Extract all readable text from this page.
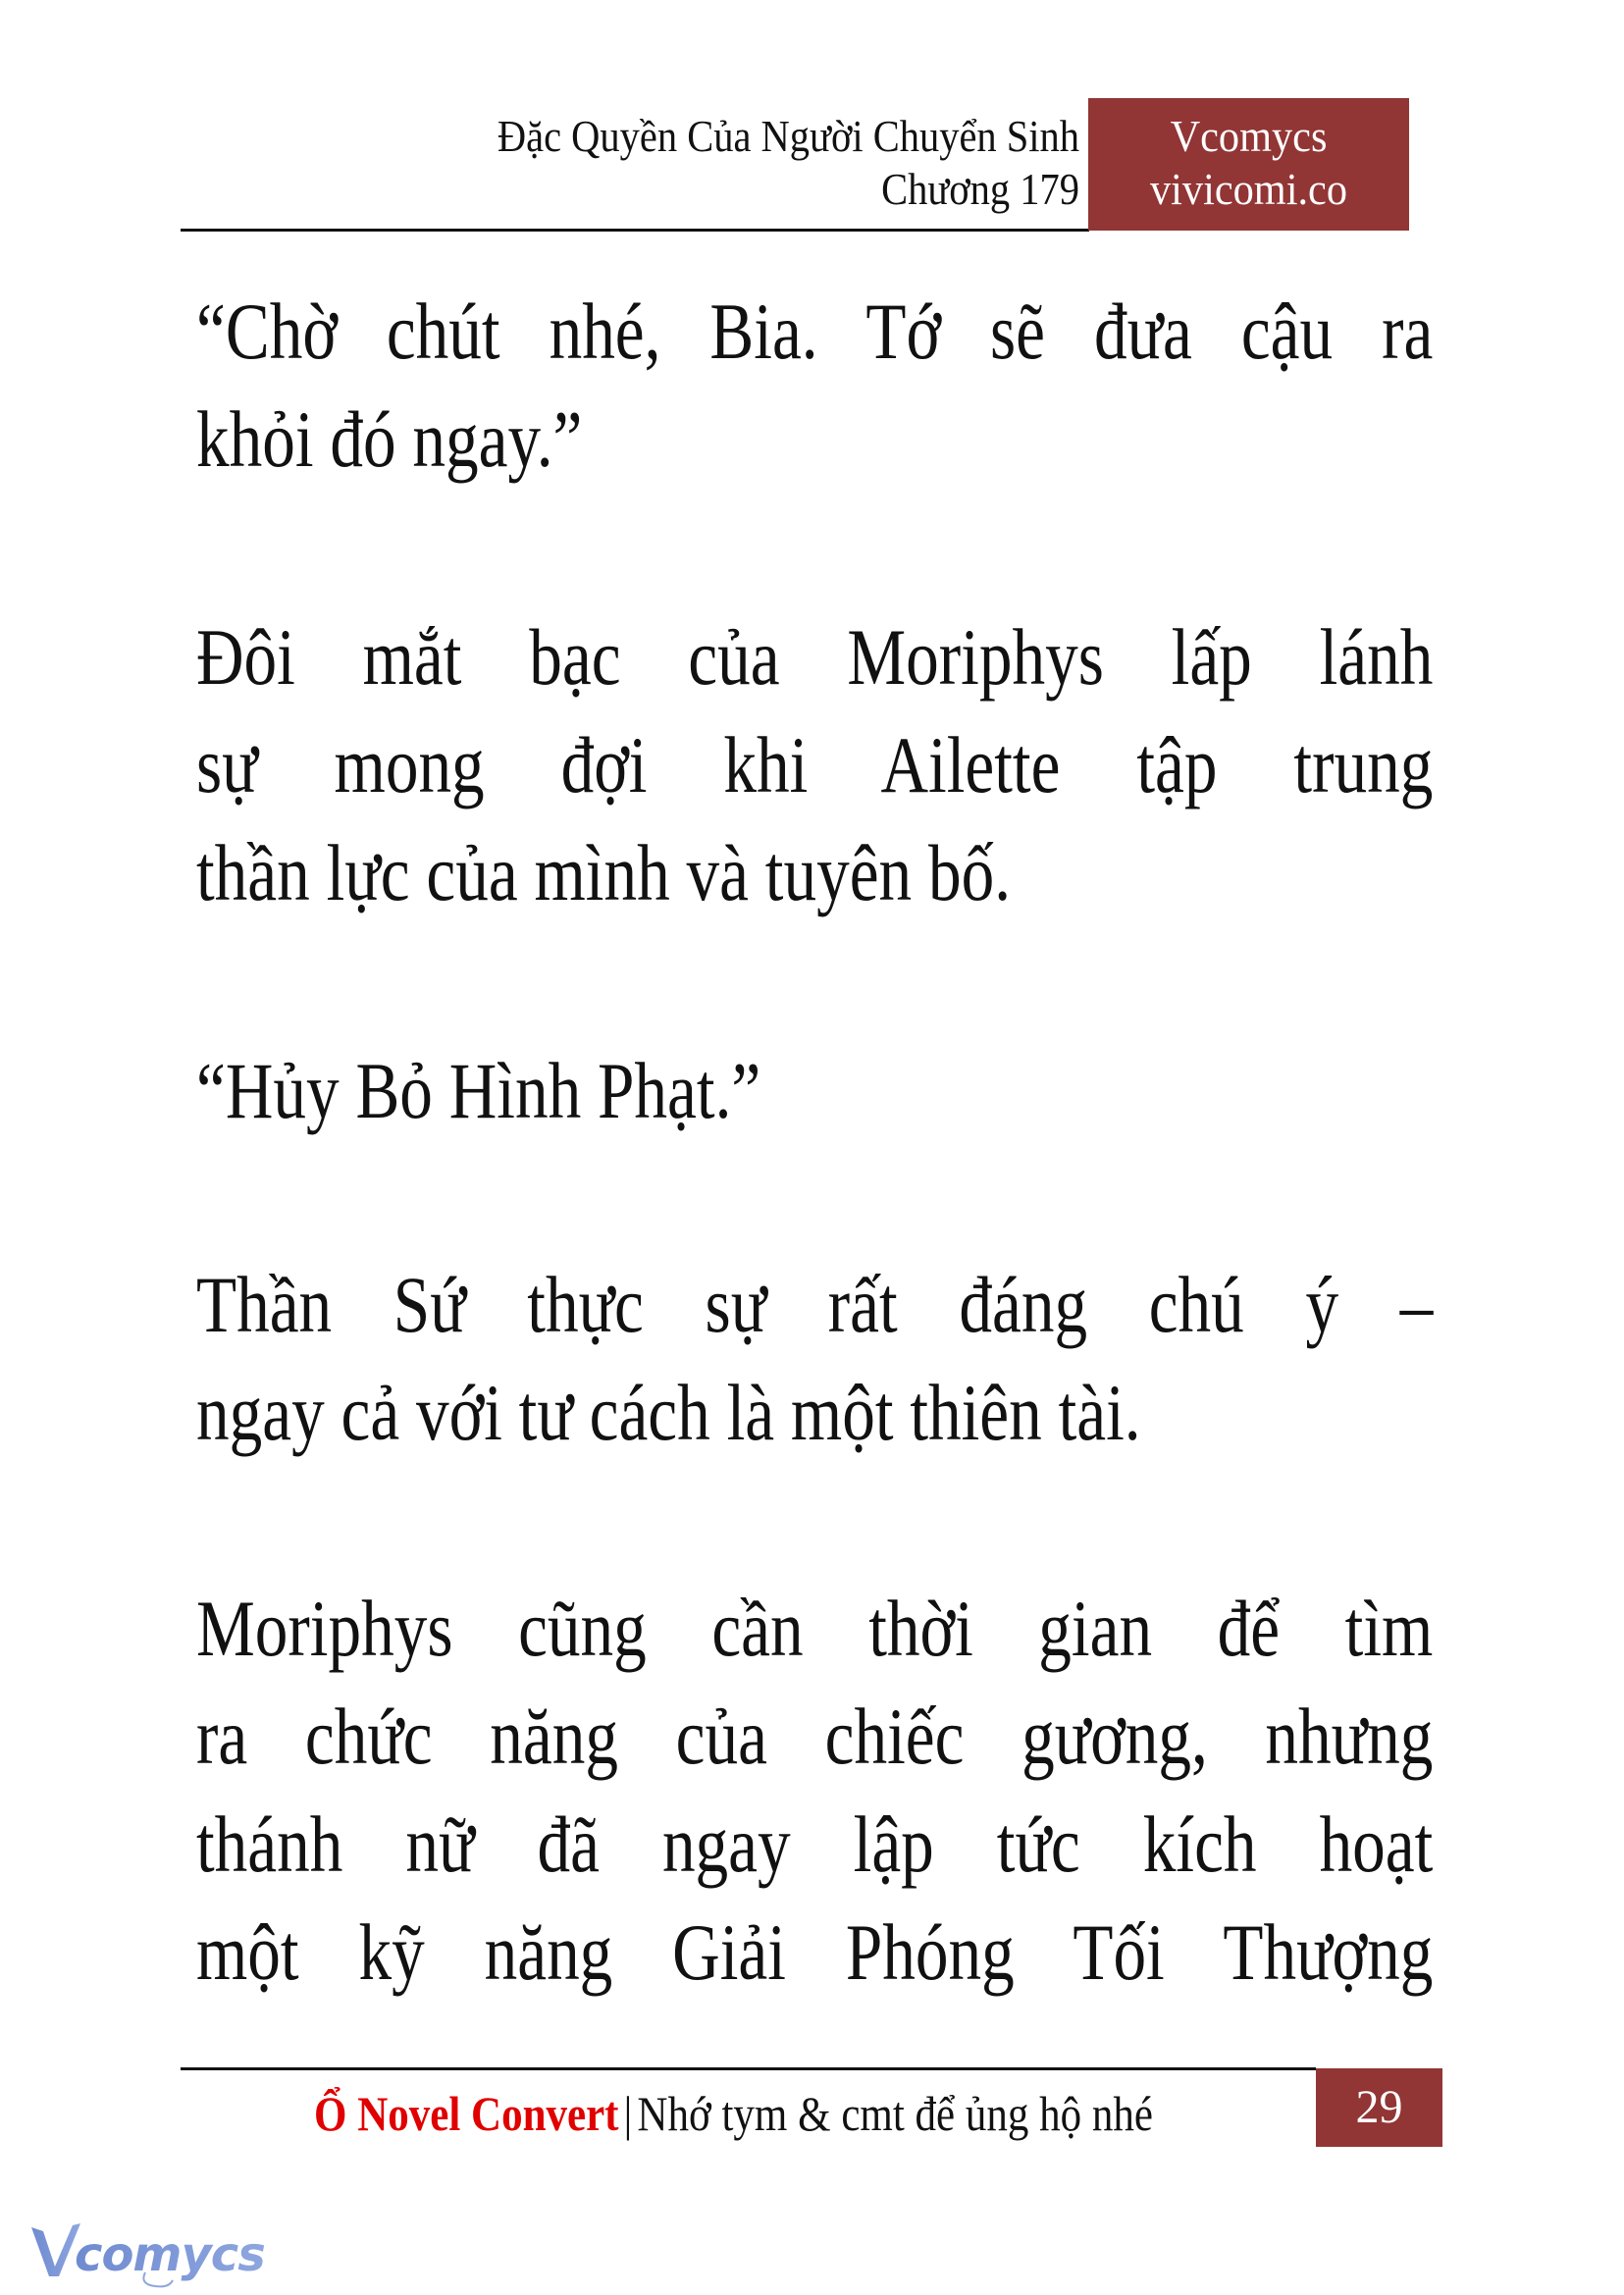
Đặc Quyền Của Người Chuyển Sinh
Chương 179
Vcomycs
vivicomi.co
“Chờ chút nhé, Bia. Tớ sẽ đưa cậu ra
khỏi đó ngay.”
Đôi mắt bạc của Moriphys lấp lánh
sự mong đợi khi Ailette tập trung
thần lực của mình và tuyên bố.
“Hủy Bỏ Hình Phạt.”
Thần Sứ thực sự rất đáng chú ý –
ngay cả với tư cách là một thiên tài.
Moriphys cũng cần thời gian để tìm
ra chức năng của chiếc gương, nhưng
thánh nữ đã ngay lập tức kích hoạt
một kỹ năng Giải Phóng Tối Thượng
Ổ Novel Convert | Nhớ tym & cmt để ủng hộ nhé	29
comycs
